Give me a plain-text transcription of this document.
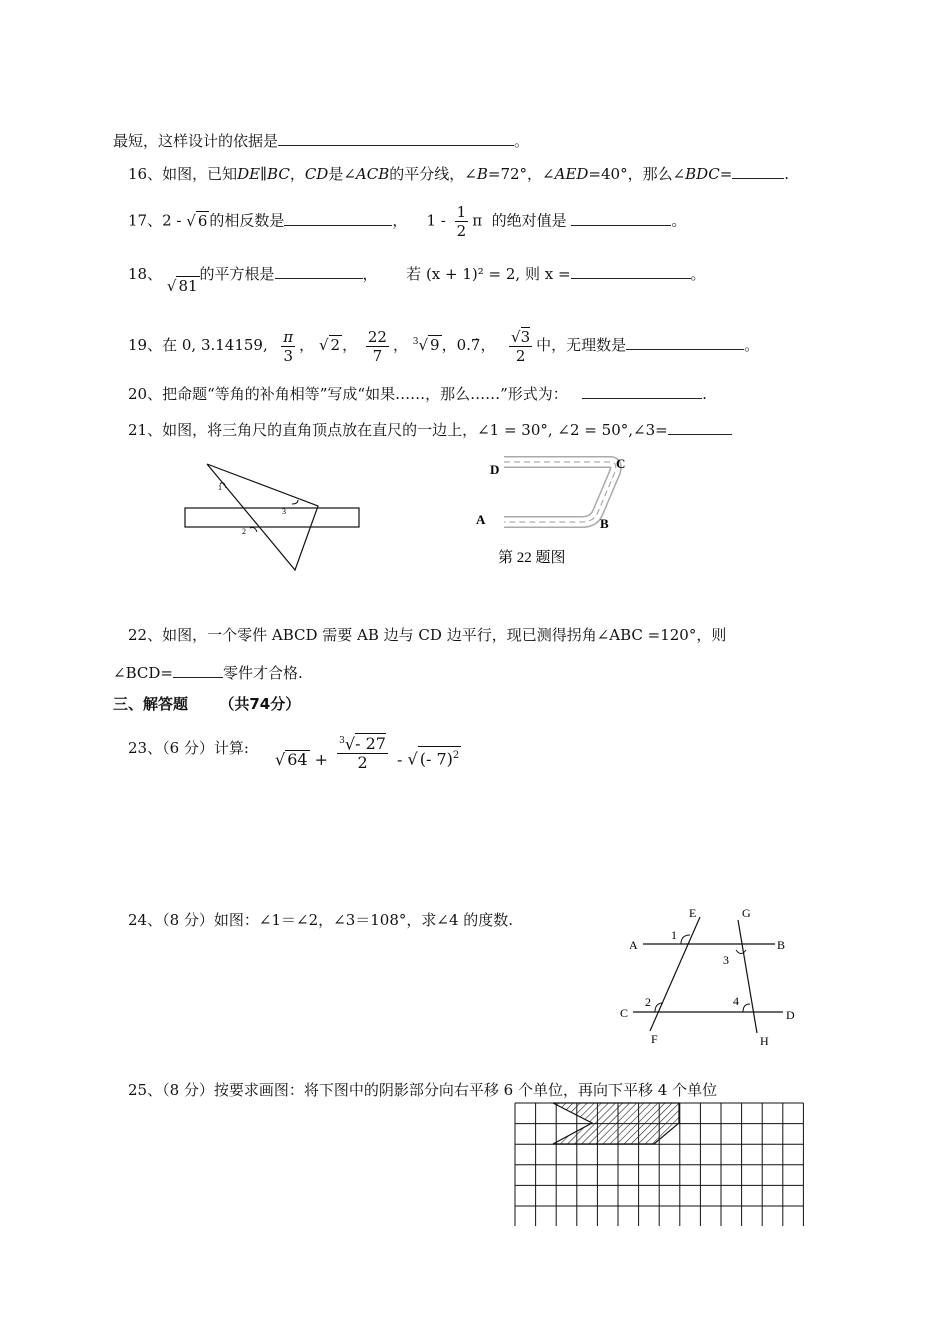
最短，这样设计的依据是	。
16、如图，已知DE∥BC，CD是∠ACB的平分线，∠B=72°，∠AED=40°，那么∠BDC=	.
17、2 - √ 6 的相反数是	， $1 - \frac{1}{2}$ π 的绝对值是	。
18、 √ 81的平方根是	， 若 (x + 1)² = 2, 则 x =	。
19、在 0, 3.14159, $\frac{\pi}{3}$ ， √ 2 ， $\frac{22}{7}$ ， $^3$√ 9 ，0.7̇， $\frac{√3}{2}$ 中，无理数是	。
20、把命题“等角的补角相等”写成“如果……，那么……”形式为：	.
21、如图，将三角尺的直角顶点放在直尺的一边上，∠1 = 30°, ∠2 = 50°,∠3=
1
3
2
D	C
A	B
第 22 题图
22、如图，一个零件 ABCD 需要 AB 边与 CD 边平行，现已测得拐角∠ABC =120°，则
∠BCD=	零件才合格.
三、解答题 （共74分）
23、（6 分）计算:
√ $64 + \frac{^3√- 27}{2}$ - √ (- 7)$^2$
24、（8 分）如图：∠1＝∠2，∠3＝108°，求∠4 的度数.
A	B
C	D
E
F
G
H
1
3
2	4
25、（8 分）按要求画图：将下图中的阴影部分向右平移 6 个单位，再向下平移 4 个单位
